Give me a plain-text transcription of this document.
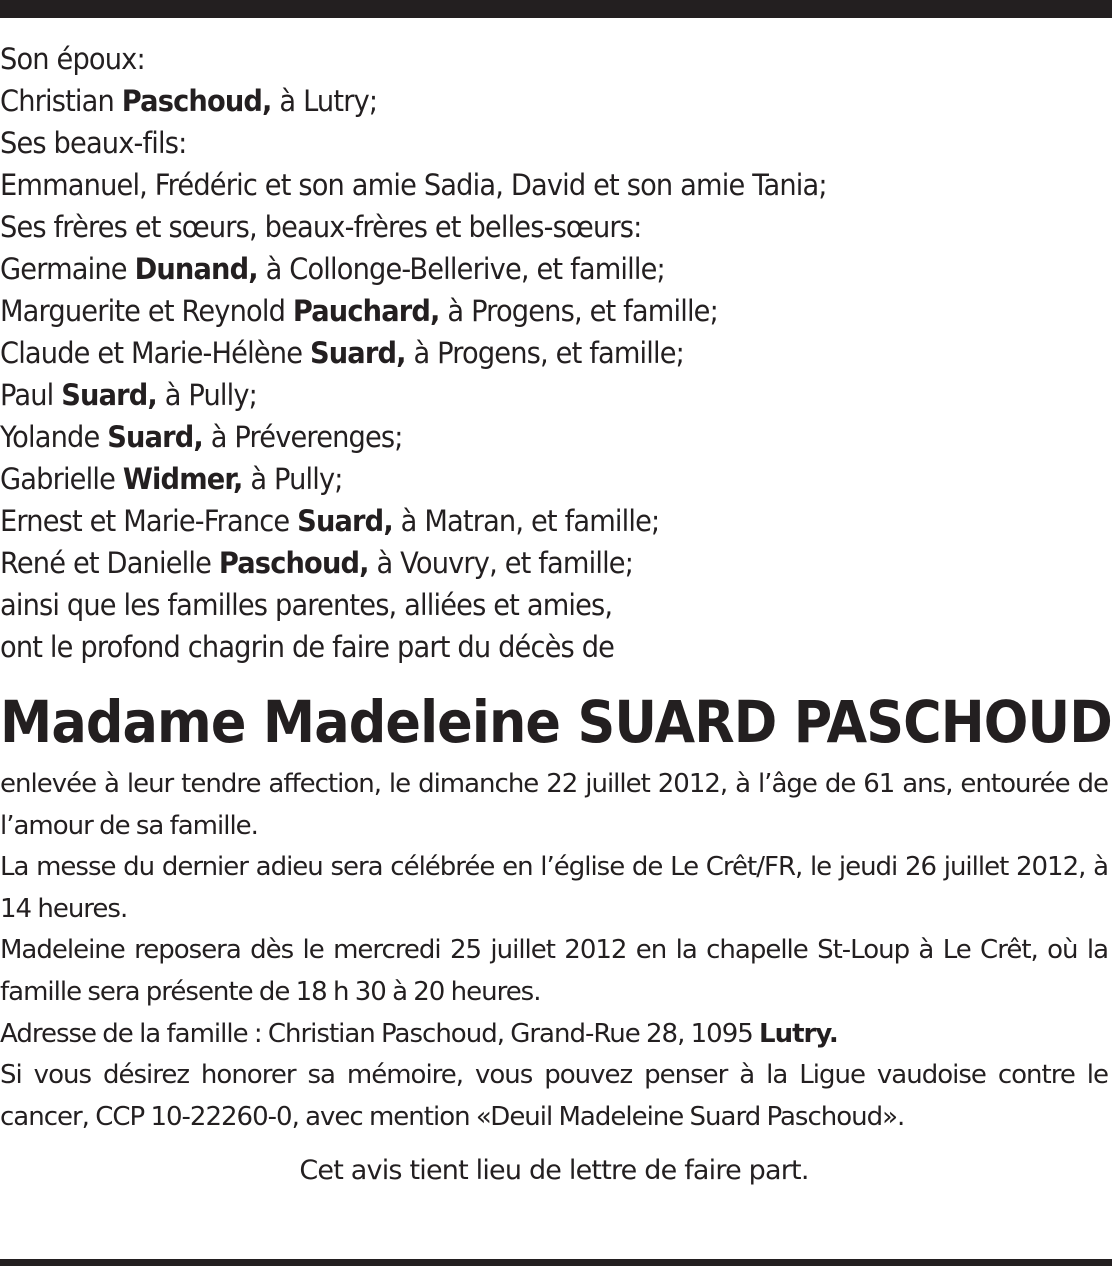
Son époux:
Christian Paschoud, à Lutry;
Ses beaux-fils:
Emmanuel, Frédéric et son amie Sadia, David et son amie Tania;
Ses frères et sœurs, beaux-frères et belles-sœurs:
Germaine Dunand, à Collonge-Bellerive, et famille;
Marguerite et Reynold Pauchard, à Progens, et famille;
Claude et Marie-Hélène Suard, à Progens, et famille;
Paul Suard, à Pully;
Yolande Suard, à Préverenges;
Gabrielle Widmer, à Pully;
Ernest et Marie-France Suard, à Matran, et famille;
René et Danielle Paschoud, à Vouvry, et famille;
ainsi que les familles parentes, alliées et amies,
ont le profond chagrin de faire part du décès de
Madame Madeleine SUARD PASCHOUD

enlevée à leur tendre affection, le dimanche 22 juillet 2012, à l’âge de 61 ans, entourée de l’amour de sa famille.

La messe du dernier adieu sera célébrée en l’église de Le Crêt/FR, le jeudi 26 juillet 2012, à 14 heures.

Madeleine reposera dès le mercredi 25 juillet 2012 en la chapelle St-Loup à Le Crêt, où la famille sera présente de 18 h 30 à 20 heures.

Adresse de la famille : Christian Paschoud, Grand-Rue 28, 1095 Lutry.

Si vous désirez honorer sa mémoire, vous pouvez penser à la Ligue vaudoise contre le cancer, CCP 10-22260-0, avec mention «Deuil Madeleine Suard Paschoud».

Cet avis tient lieu de lettre de faire part.
